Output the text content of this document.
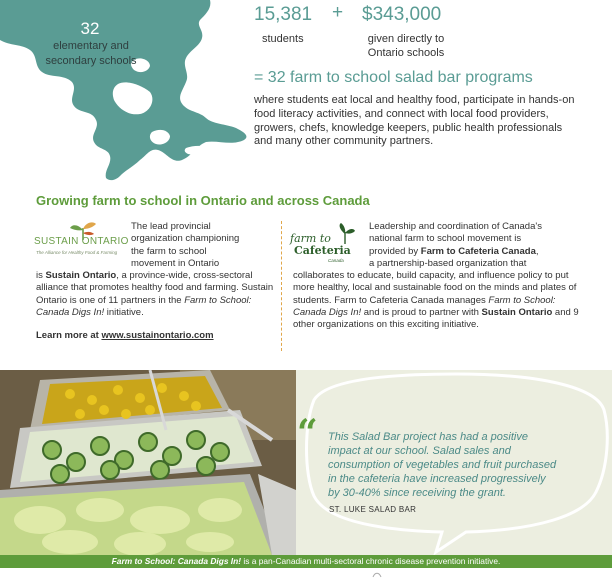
32
elementary and secondary schools
15,381 + $343,000
students	given directly to
Ontario schools
= 32 farm to school salad bar programs
where students eat local and healthy food, participate in hands-on food literacy activities, and connect with local food providers, growers, chefs, knowledge keepers, public health professionals and many other community partners.
Growing farm to school in Ontario and across Canada
SUSTAIN ONTARIO
The Alliance for Healthy Food & Farming
The lead provincial
organization championing
the farm to school
movement in Ontario
is Sustain Ontario, a province-wide, cross-sectoral alliance that promotes healthy food and farming. Sustain Ontario is one of 11 partners in the Farm to School: Canada Digs In! initiative.
Learn more at www.sustainontario.com
farm to
Cafeteria
Canada
Leadership and coordination of Canada's
national farm to school movement is
provided by Farm to Cafeteria Canada,
a partnership-based organization that
collaborates to educate, build capacity, and influence policy to put more healthy, local and sustainable food on the minds and plates of students. Farm to Cafeteria Canada manages Farm to School: Canada Digs In! and is proud to partner with Sustain Ontario and 9 other organizations on this exciting initiative.
“ This Salad Bar project has had a positive impact at our school. Salad sales and consumption of vegetables and fruit purchased in the cafeteria have increased progressively by 30-40% since receiving the grant.
ST. LUKE SALAD BAR
Farm to School: Canada Digs In! is a pan-Canadian multi-sectoral chronic disease prevention initiative.
